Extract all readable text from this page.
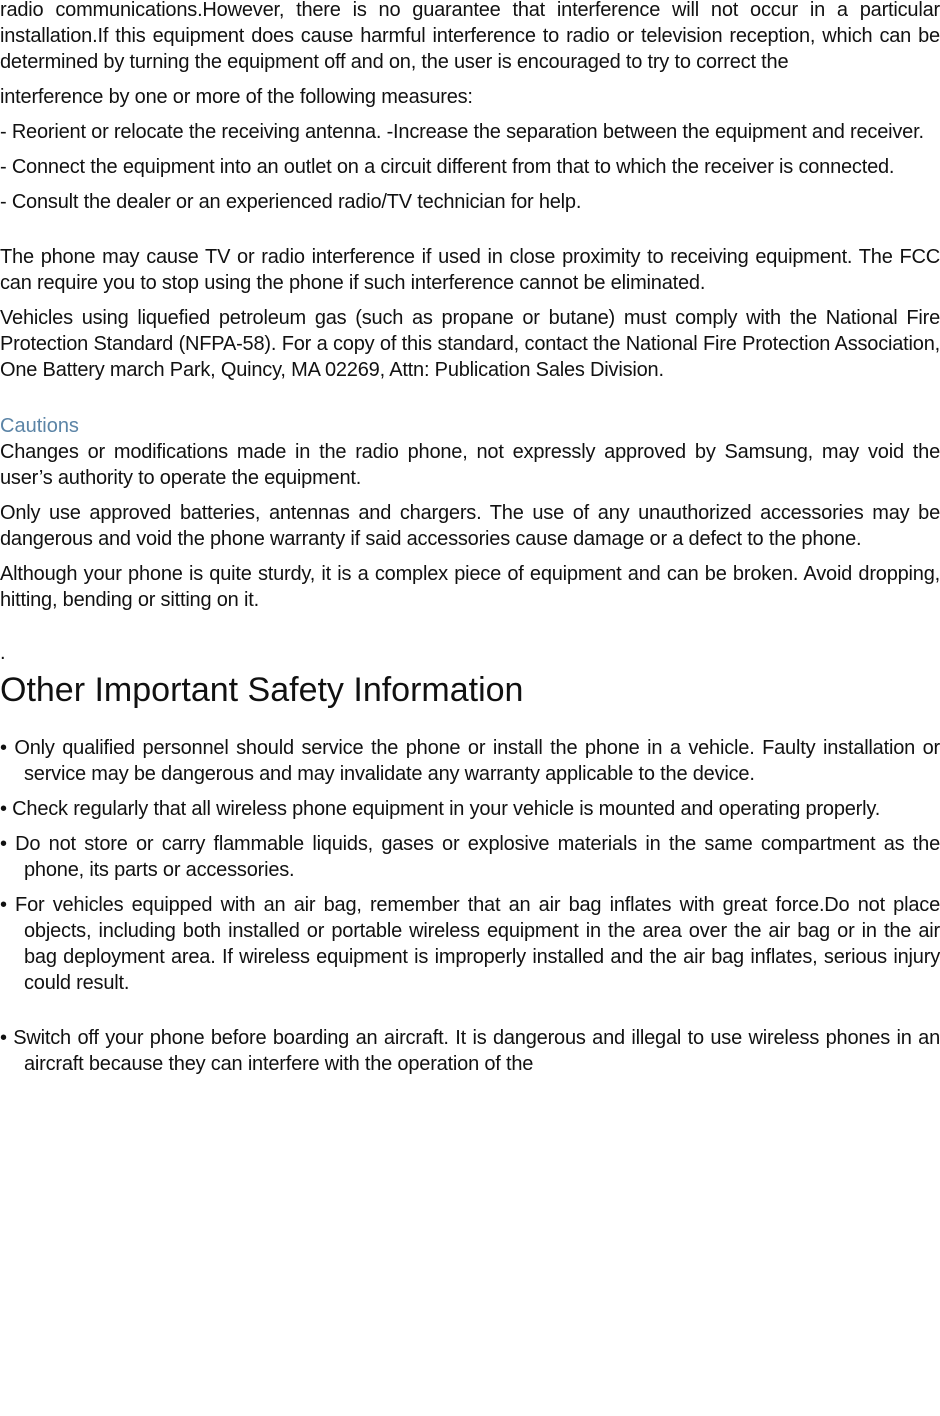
radio communications.However, there is no guarantee that interference will not occur in a particular installation.If this equipment does cause harmful interference to radio or television reception, which can be determined by turning the equipment off and on, the user is encouraged to try to correct the

interference by one or more of the following measures:

- Reorient or relocate the receiving antenna. -Increase the separation between the equipment and receiver.

- Connect the equipment into an outlet on a circuit different from that to which the receiver is connected.

- Consult the dealer or an experienced radio/TV technician for help.

The phone may cause TV or radio interference if used in close proximity to receiving equipment. The FCC can require you to stop using the phone if such interference cannot be eliminated.

Vehicles using liquefied petroleum gas (such as propane or butane) must comply with the National Fire Protection Standard (NFPA-58). For a copy of this standard, contact the National Fire Protection Association, One Battery march Park, Quincy, MA 02269, Attn: Publication Sales Division.

Cautions

Changes or modifications made in the radio phone, not expressly approved by Samsung, may void the user’s authority to operate the equipment.

Only use approved batteries, antennas and chargers. The use of any unauthorized accessories may be dangerous and void the phone warranty if said accessories cause damage or a defect to the phone.

Although your phone is quite sturdy, it is a complex piece of equipment and can be broken. Avoid dropping, hitting, bending or sitting on it.

.
Other Important Safety Information

• Only qualified personnel should service the phone or install the phone in a vehicle. Faulty installation or service may be dangerous and may invalidate any warranty applicable to the device.

• Check regularly that all wireless phone equipment in your vehicle is mounted and operating properly.

• Do not store or carry flammable liquids, gases or explosive materials in the same compartment as the phone, its parts or accessories.

• For vehicles equipped with an air bag, remember that an air bag inflates with great force.Do not place objects, including both installed or portable wireless equipment in the area over the air bag or in the air bag deployment area. If wireless equipment is improperly installed and the air bag inflates, serious injury could result.

• Switch off your phone before boarding an aircraft. It is dangerous and illegal to use wireless phones in an aircraft because they can interfere with the operation of the
